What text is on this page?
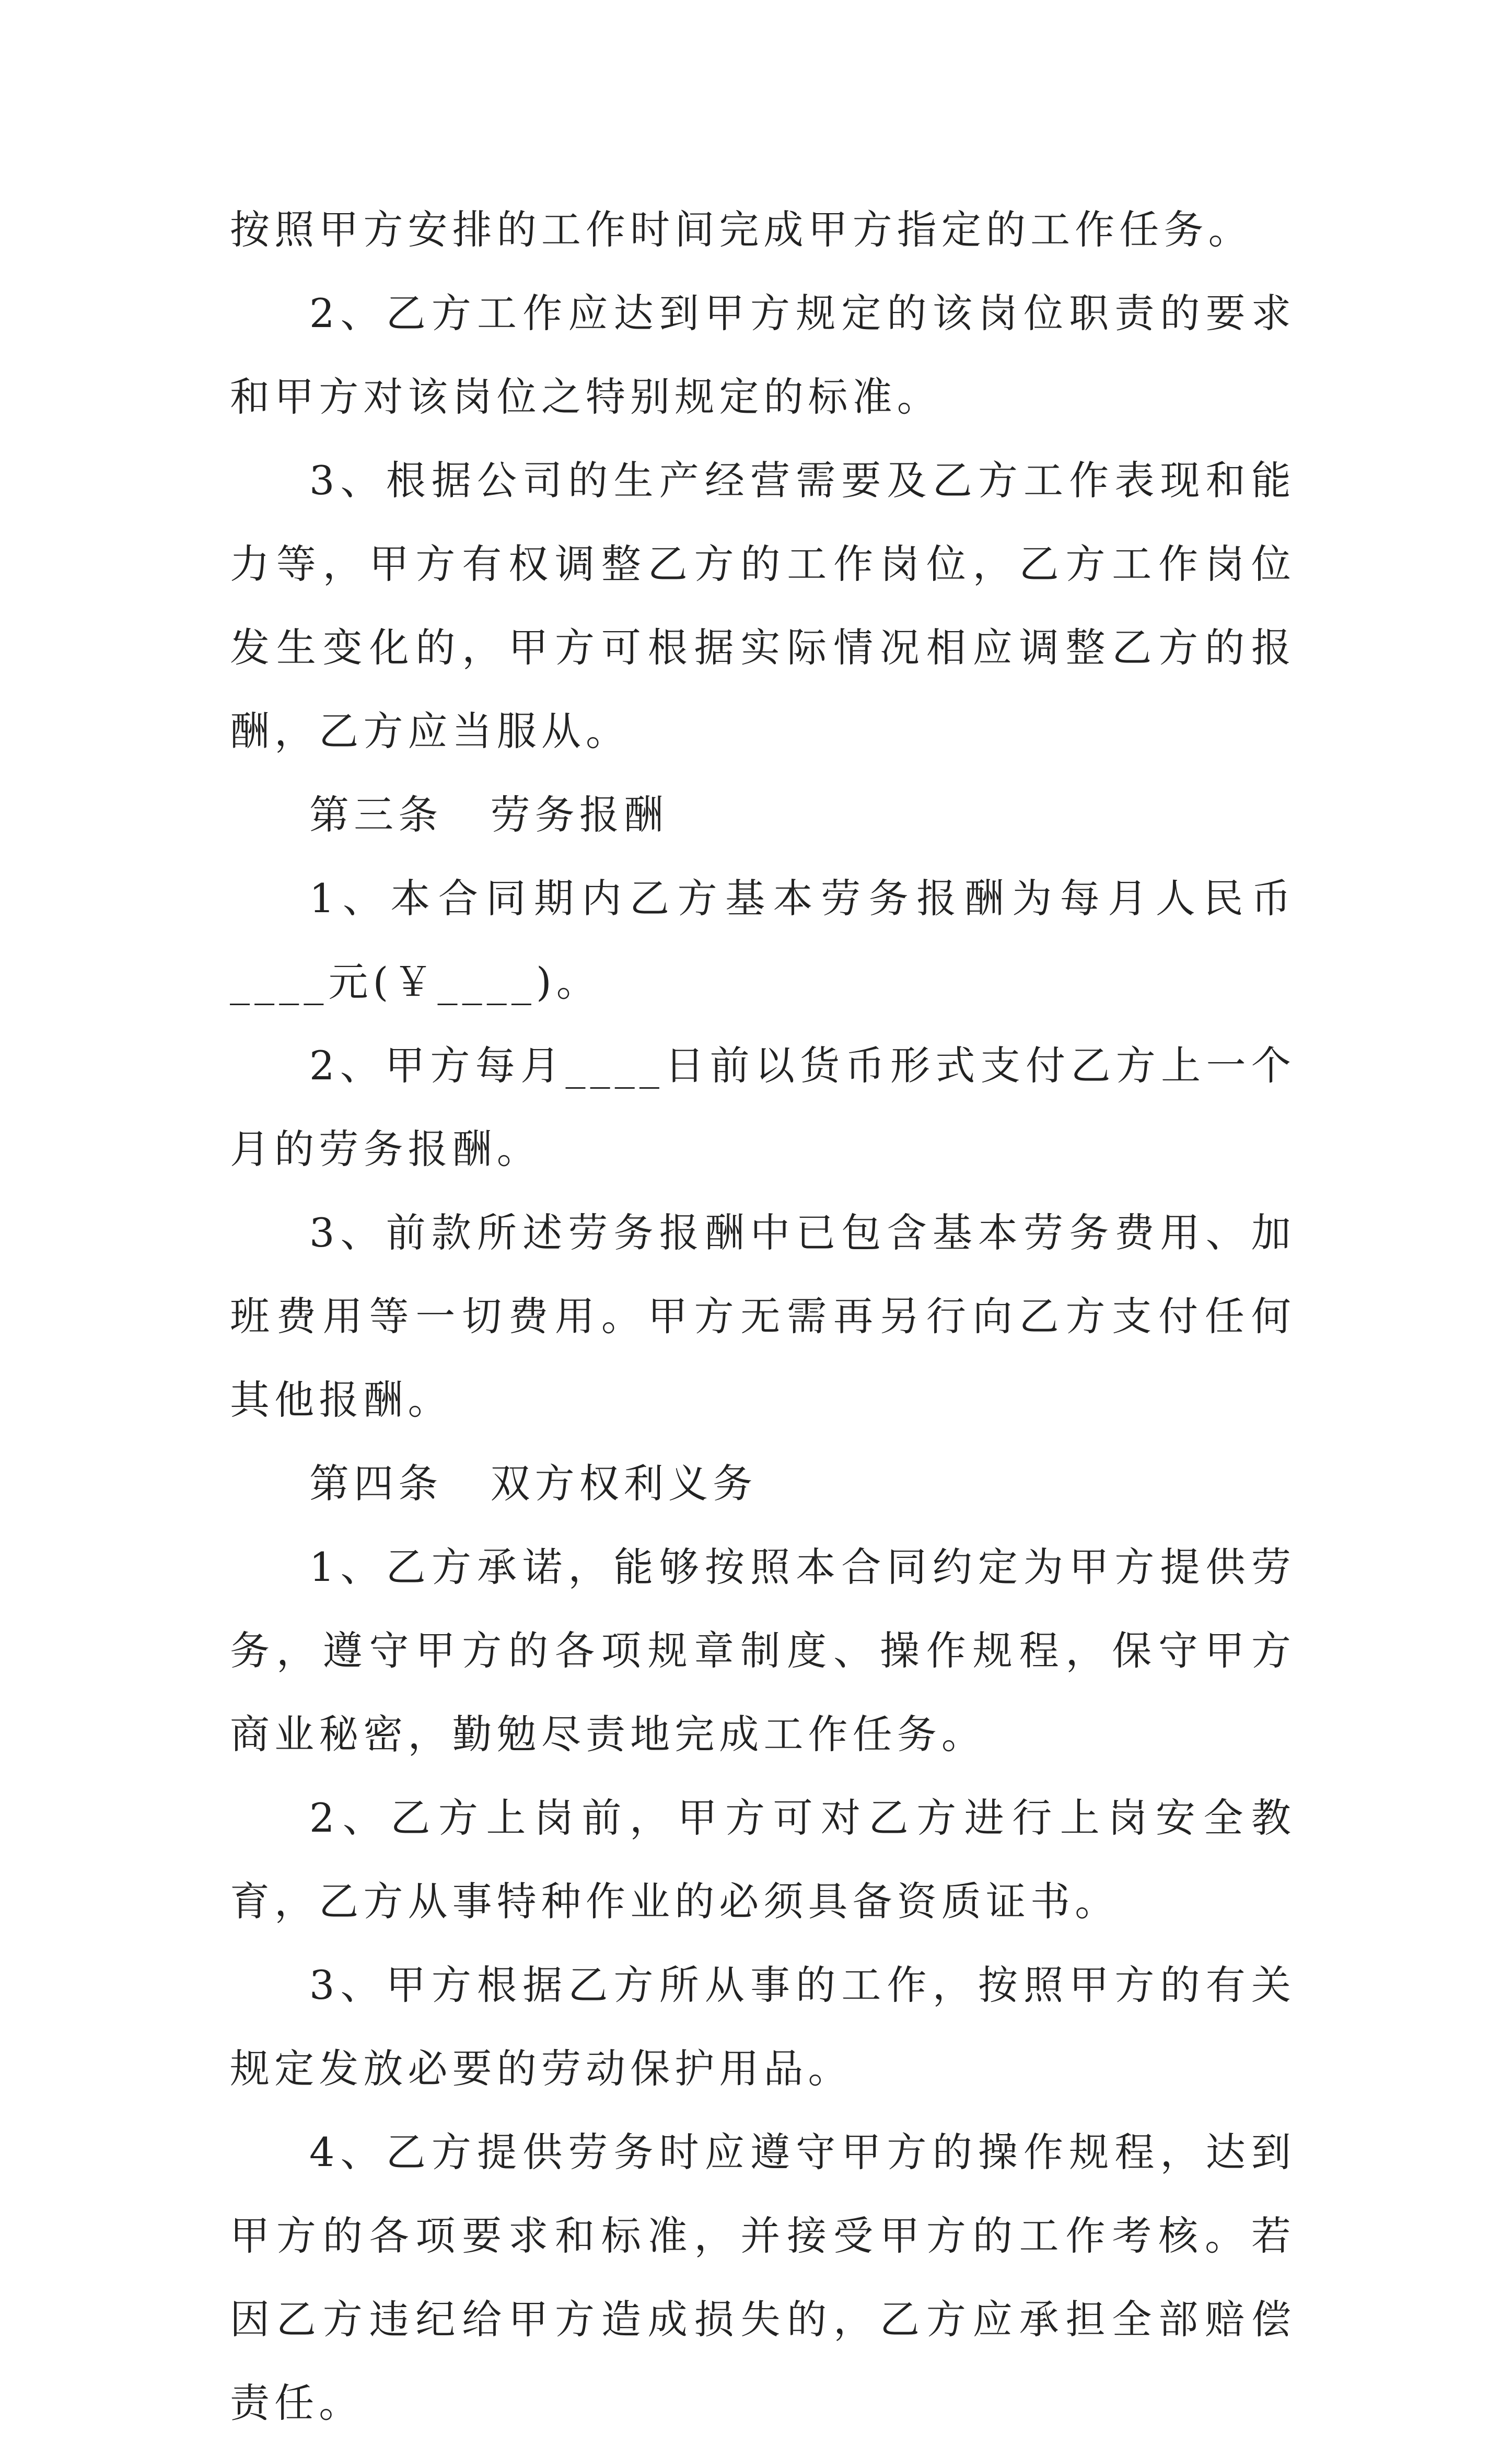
按照甲方安排的工作时间完成甲方指定的工作任务。

2、乙方工作应达到甲方规定的该岗位职责的要求和甲方对该岗位之特别规定的标准。

3、根据公司的生产经营需要及乙方工作表现和能力等，甲方有权调整乙方的工作岗位，乙方工作岗位发生变化的，甲方可根据实际情况相应调整乙方的报酬，乙方应当服从。

第三条 劳务报酬

1、本合同期内乙方基本劳务报酬为每月人民币____元(￥____)。

2、甲方每月____日前以货币形式支付乙方上一个月的劳务报酬。

3、前款所述劳务报酬中已包含基本劳务费用、加班费用等一切费用。甲方无需再另行向乙方支付任何其他报酬。

第四条 双方权利义务

1、乙方承诺，能够按照本合同约定为甲方提供劳务，遵守甲方的各项规章制度、操作规程，保守甲方商业秘密，勤勉尽责地完成工作任务。

2、乙方上岗前，甲方可对乙方进行上岗安全教育，乙方从事特种作业的必须具备资质证书。

3、甲方根据乙方所从事的工作，按照甲方的有关规定发放必要的劳动保护用品。

4、乙方提供劳务时应遵守甲方的操作规程，达到甲方的各项要求和标准，并接受甲方的工作考核。若因乙方违纪给甲方造成损失的，乙方应承担全部赔偿责任。
